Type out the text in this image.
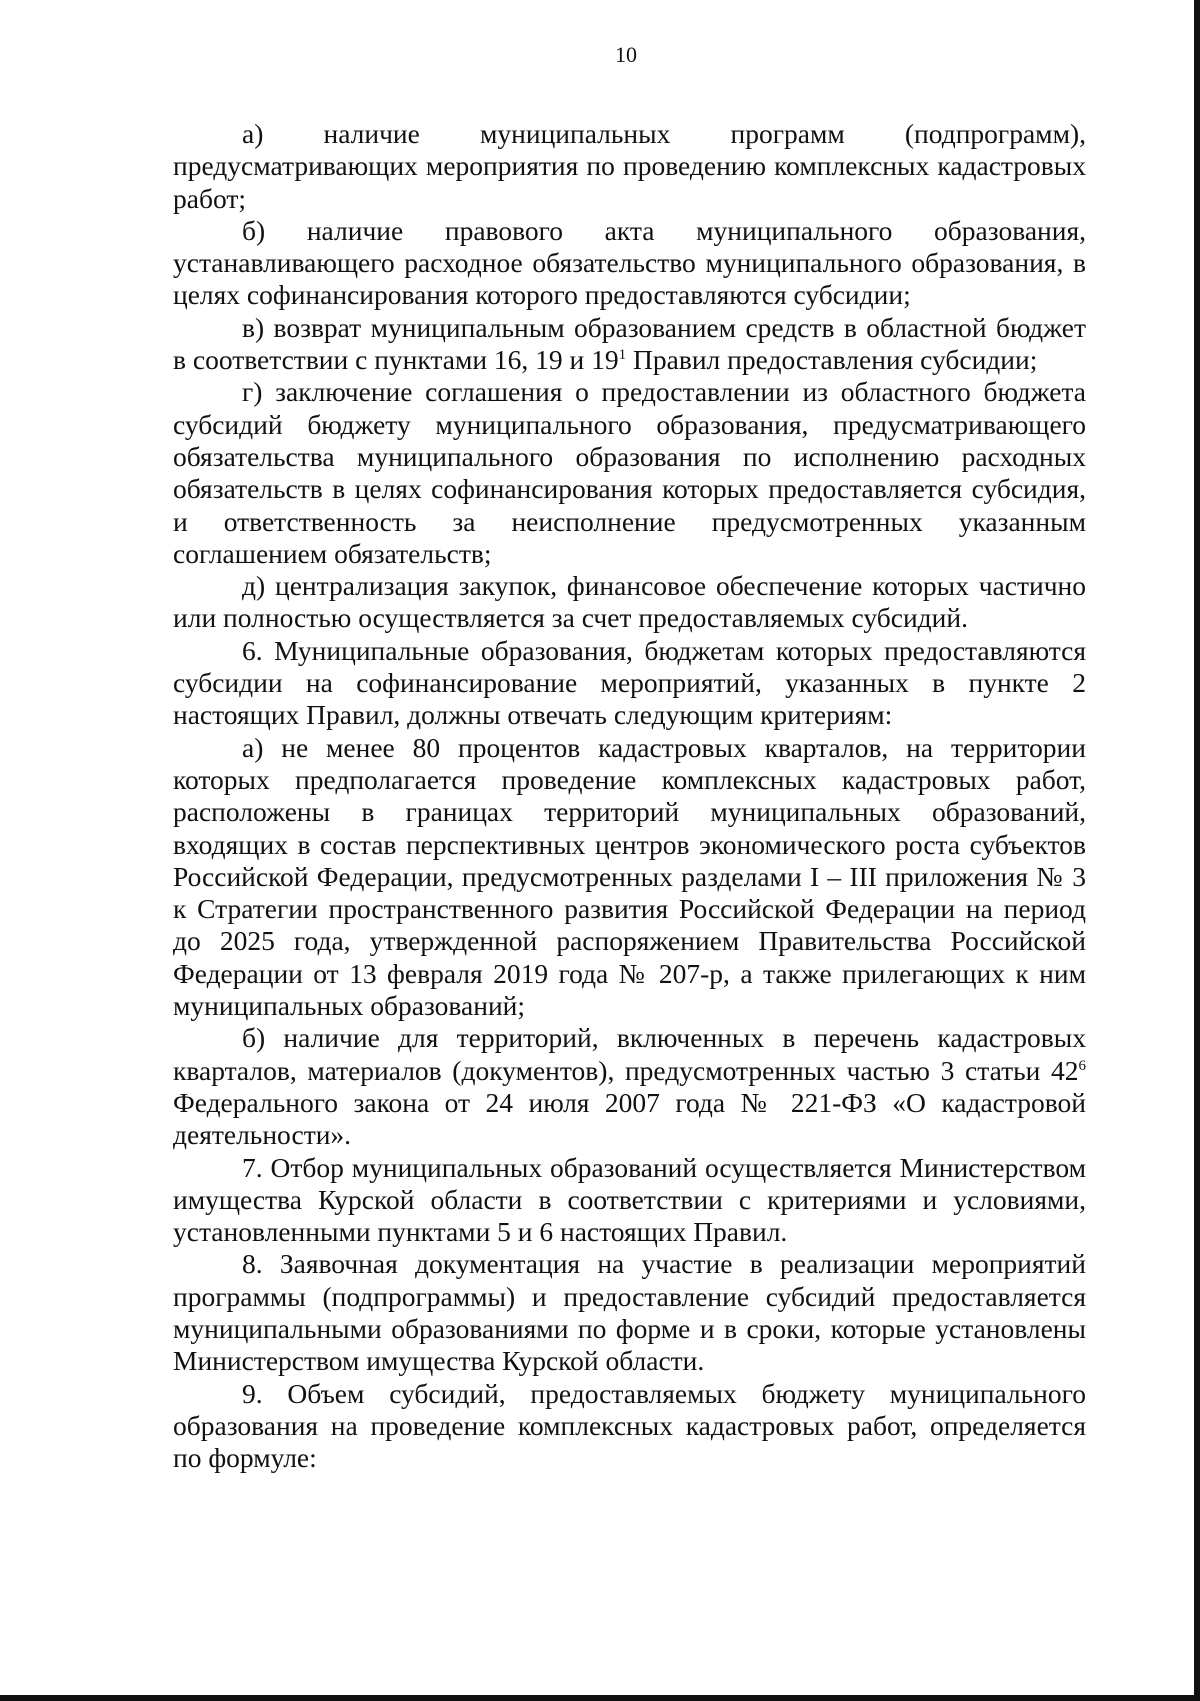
10

а) наличие муниципальных программ (подпрограмм), предусматривающих мероприятия по проведению комплексных кадастровых работ;

б) наличие правового акта муниципального образования, устанавливающего расходное обязательство муниципального образования, в целях софинансирования которого предоставляются субсидии;

в) возврат муниципальным образованием средств в областной бюджет в соответствии с пунктами 16, 19 и $19^1$ Правил предоставления субсидии;

г) заключение соглашения о предоставлении из областного бюджета субсидий бюджету муниципального образования, предусматривающего обязательства муниципального образования по исполнению расходных обязательств в целях софинансирования которых предоставляется субсидия, и ответственность за неисполнение предусмотренных указанным соглашением обязательств;

д) централизация закупок, финансовое обеспечение которых частично или полностью осуществляется за счет предоставляемых субсидий.

6. Муниципальные образования, бюджетам которых предоставляются субсидии на софинансирование мероприятий, указанных в пункте 2 настоящих Правил, должны отвечать следующим критериям:

а) не менее 80 процентов кадастровых кварталов, на территории которых предполагается проведение комплексных кадастровых работ, расположены в границах территорий муниципальных образований, входящих в состав перспективных центров экономического роста субъектов Российской Федерации, предусмотренных разделами I – III приложения № 3 к Стратегии пространственного развития Российской Федерации на период до 2025 года, утвержденной распоряжением Правительства Российской Федерации от 13 февраля 2019 года № 207-р, а также прилегающих к ним муниципальных образований;

б) наличие для территорий, включенных в перечень кадастровых кварталов, материалов (документов), предусмотренных частью 3 статьи $42^6$ Федерального закона от 24 июля 2007 года № 221-ФЗ «О кадастровой деятельности».

7. Отбор муниципальных образований осуществляется Министерством имущества Курской области в соответствии с критериями и условиями, установленными пунктами 5 и 6 настоящих Правил.

8. Заявочная документация на участие в реализации мероприятий программы (подпрограммы) и предоставление субсидий предоставляется муниципальными образованиями по форме и в сроки, которые установлены Министерством имущества Курской области.

9. Объем субсидий, предоставляемых бюджету муниципального образования на проведение комплексных кадастровых работ, определяется по формуле:
